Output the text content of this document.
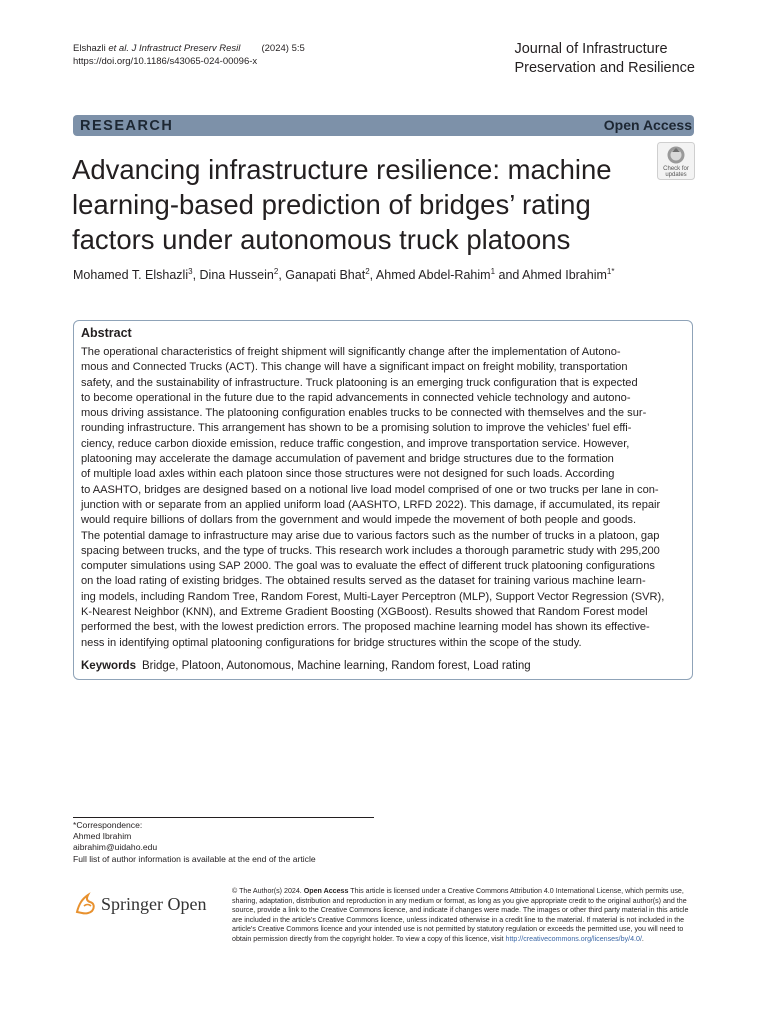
Elshazli et al. J Infrastruct Preserv Resil (2024) 5:5
https://doi.org/10.1186/s43065-024-00096-x
Journal of Infrastructure
Preservation and Resilience
RESEARCH	Open Access
Advancing infrastructure resilience: machine learning-based prediction of bridges’ rating factors under autonomous truck platoons
Check for
updates
Mohamed T. Elshazli$^3$, Dina Hussein$^2$, Ganapati Bhat$^2$, Ahmed Abdel-Rahim$^1$ and Ahmed Ibrahim$^{1*}$
Abstract
The operational characteristics of freight shipment will significantly change after the implementation of Autono-
mous and Connected Trucks (ACT). This change will have a significant impact on freight mobility, transportation
safety, and the sustainability of infrastructure. Truck platooning is an emerging truck configuration that is expected
to become operational in the future due to the rapid advancements in connected vehicle technology and autono-
mous driving assistance. The platooning configuration enables trucks to be connected with themselves and the sur-
rounding infrastructure. This arrangement has shown to be a promising solution to improve the vehicles’ fuel effi-
ciency, reduce carbon dioxide emission, reduce traffic congestion, and improve transportation service. However,
platooning may accelerate the damage accumulation of pavement and bridge structures due to the formation
of multiple load axles within each platoon since those structures were not designed for such loads. According
to AASHTO, bridges are designed based on a notional live load model comprised of one or two trucks per lane in con-
junction with or separate from an applied uniform load (AASHTO, LRFD 2022). This damage, if accumulated, its repair
would require billions of dollars from the government and would impede the movement of both people and goods.
The potential damage to infrastructure may arise due to various factors such as the number of trucks in a platoon, gap
spacing between trucks, and the type of trucks. This research work includes a thorough parametric study with 295,200
computer simulations using SAP 2000. The goal was to evaluate the effect of different truck platooning configurations
on the load rating of existing bridges. The obtained results served as the dataset for training various machine learn-
ing models, including Random Tree, Random Forest, Multi-Layer Perceptron (MLP), Support Vector Regression (SVR),
K-Nearest Neighbor (KNN), and Extreme Gradient Boosting (XGBoost). Results showed that Random Forest model
performed the best, with the lowest prediction errors. The proposed machine learning model has shown its effective-
ness in identifying optimal platooning configurations for bridge structures within the scope of the study.
Keywords Bridge, Platoon, Autonomous, Machine learning, Random forest, Load rating
*Correspondence:
Ahmed Ibrahim
aibrahim@uidaho.edu
Full list of author information is available at the end of the article
Springer Open
© The Author(s) 2024. Open Access This article is licensed under a Creative Commons Attribution 4.0 International License, which permits use, sharing, adaptation, distribution and reproduction in any medium or format, as long as you give appropriate credit to the original author(s) and the source, provide a link to the Creative Commons licence, and indicate if changes were made. The images or other third party material in this article are included in the article’s Creative Commons licence, unless indicated otherwise in a credit line to the material. If material is not included in the article’s Creative Commons licence and your intended use is not permitted by statutory regulation or exceeds the permitted use, you will need to obtain permission directly from the copyright holder. To view a copy of this licence, visit http://creativecommons.org/licenses/by/4.0/.
